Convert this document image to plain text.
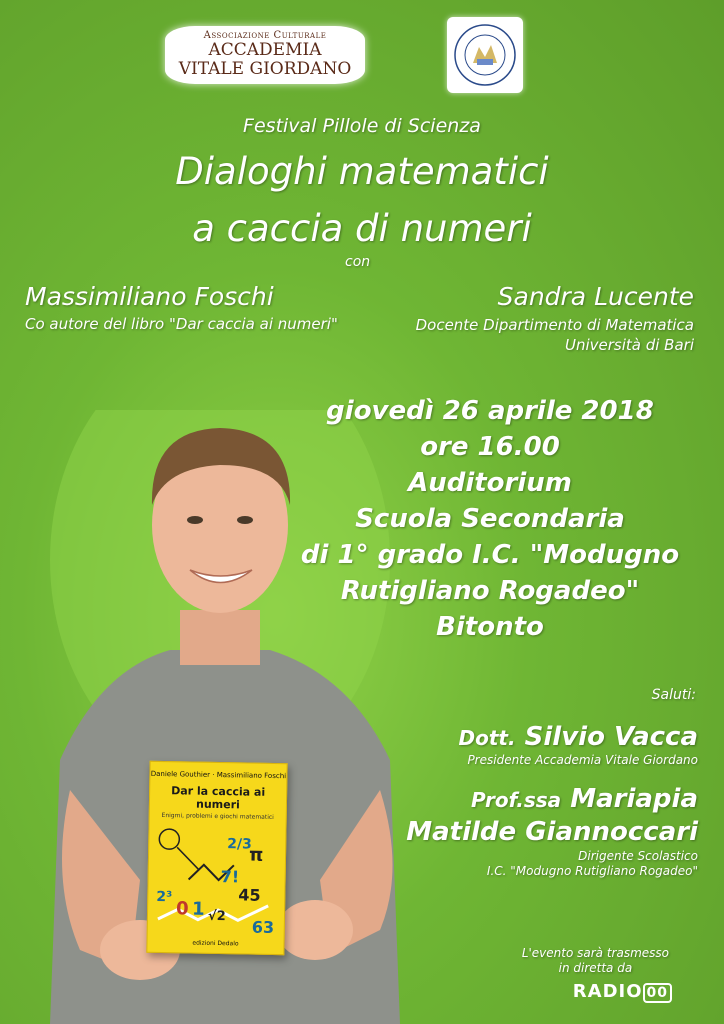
Associazione Culturale
ACCADEMIA
VITALE GIORDANO
Festival Pillole di Scienza
Dialoghi matematici
a caccia di numeri
con
Massimiliano Foschi
Co autore del libro "Dar caccia ai numeri"
Sandra Lucente
Docente Dipartimento di Matematica
Università di Bari
Daniele Gouthier · Massimiliano Foschi
Dar la caccia ai numeri
Enigmi, problemi e giochi matematici
2/3
π
7!
45
2³
0 1 √2
63
edizioni Dedalo
giovedì 26 aprile 2018
ore 16.00
Auditorium
Scuola Secondaria
di 1° grado I.C. "Modugno
Rutigliano Rogadeo"
Bitonto
Saluti:
Dott. Silvio Vacca
Presidente Accademia Vitale Giordano
Prof.ssa Mariapia
Matilde Giannoccari
Dirigente Scolastico
I.C. "Modugno Rutigliano Rogadeo"
L'evento sarà trasmesso
in diretta da
RADIO 00
